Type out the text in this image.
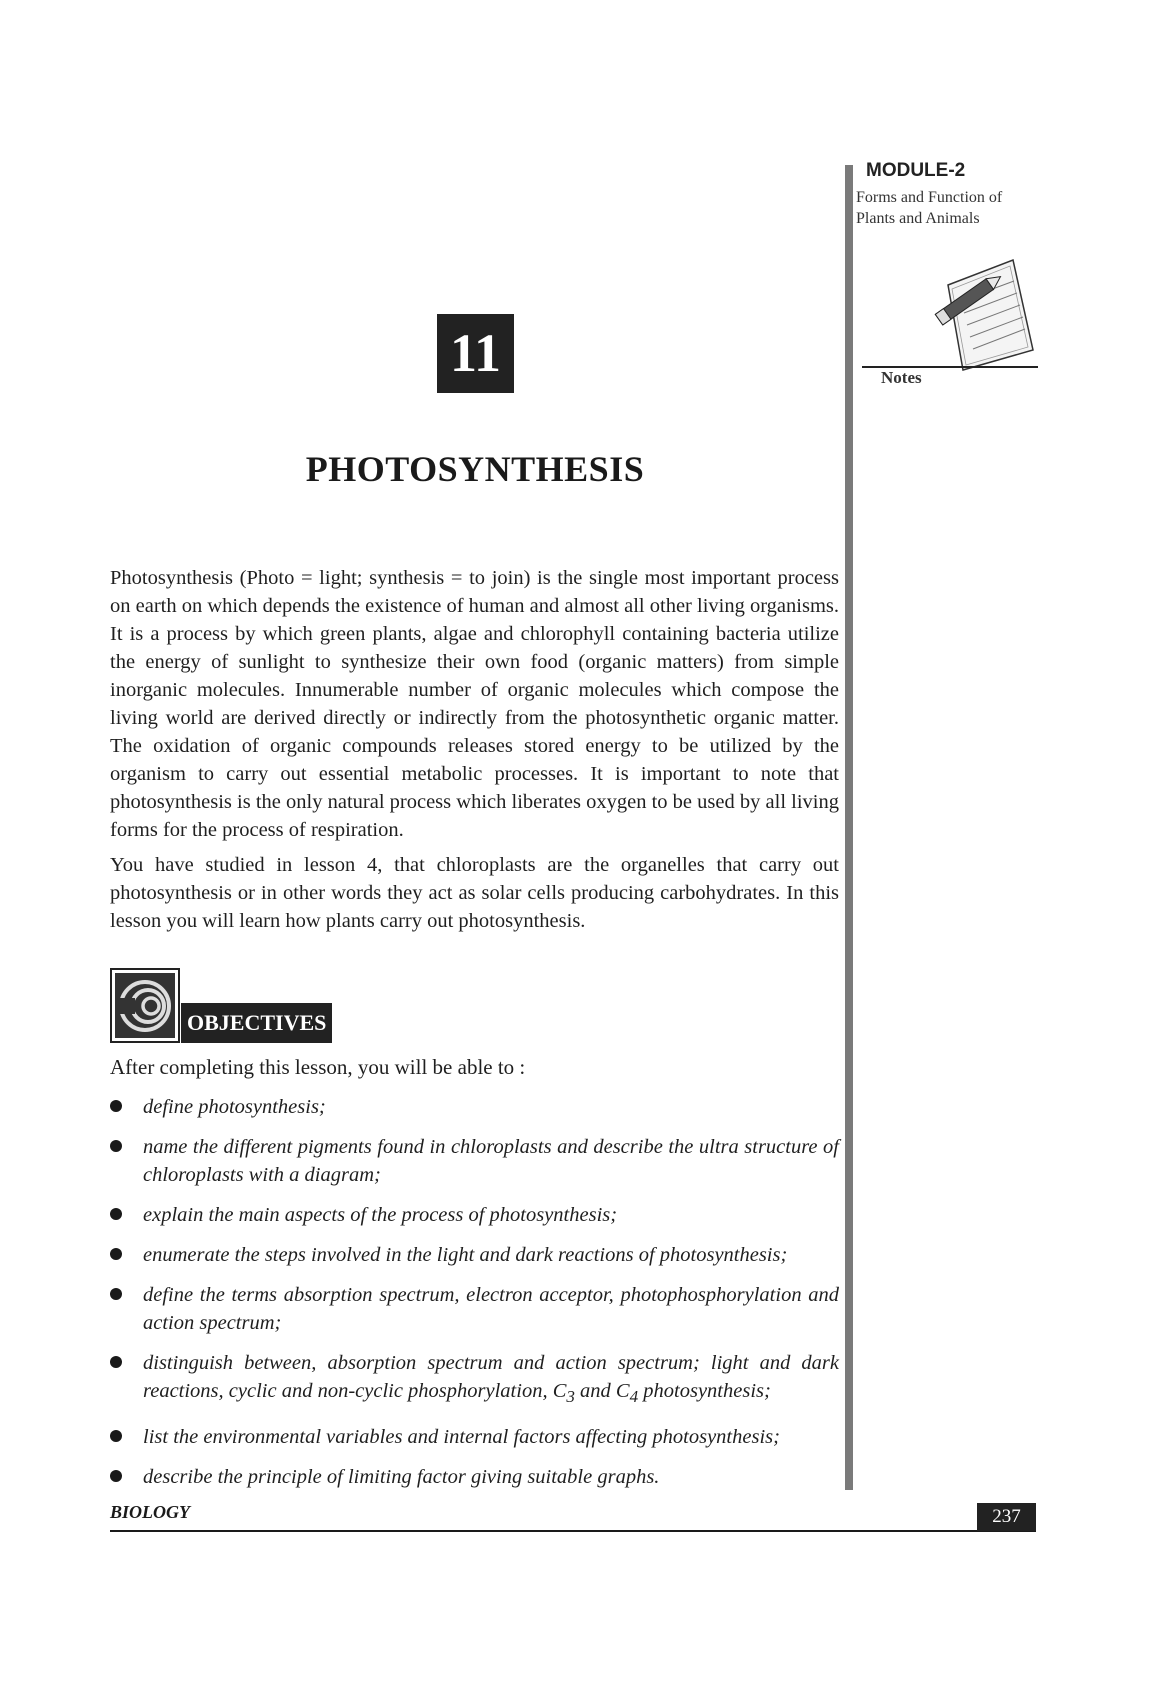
MODULE-2
Forms and Function of
Plants and Animals
Notes
11
PHOTOSYNTHESIS
Photosynthesis (Photo = light; synthesis = to join) is the single most important process on earth on which depends the existence of human and almost all other living organisms. It is a process by which green plants, algae and chlorophyll containing bacteria utilize the energy of sunlight to synthesize their own food (organic matters) from simple inorganic molecules. Innumerable number of organic molecules which compose the living world are derived directly or indirectly from the photosynthetic organic matter. The oxidation of organic compounds releases stored energy to be utilized by the organism to carry out essential metabolic processes. It is important to note that photosynthesis is the only natural process which liberates oxygen to be used by all living forms for the process of respiration.
You have studied in lesson 4, that chloroplasts are the organelles that carry out photosynthesis or in other words they act as solar cells producing carbohydrates. In this lesson you will learn how plants carry out photosynthesis.
OBJECTIVES
After completing this lesson, you will be able to :
define photosynthesis;
name the different pigments found in chloroplasts and describe the ultra structure of chloroplasts with a diagram;
explain the main aspects of the process of photosynthesis;
enumerate the steps involved in the light and dark reactions of photosynthesis;
define the terms absorption spectrum, electron acceptor, photophosphorylation and action spectrum;
distinguish between, absorption spectrum and action spectrum; light and dark reactions, cyclic and non-cyclic phosphorylation, $C_3$ and $C_4$ photosynthesis;
list the environmental variables and internal factors affecting photosynthesis;
describe the principle of limiting factor giving suitable graphs.
BIOLOGY	237
